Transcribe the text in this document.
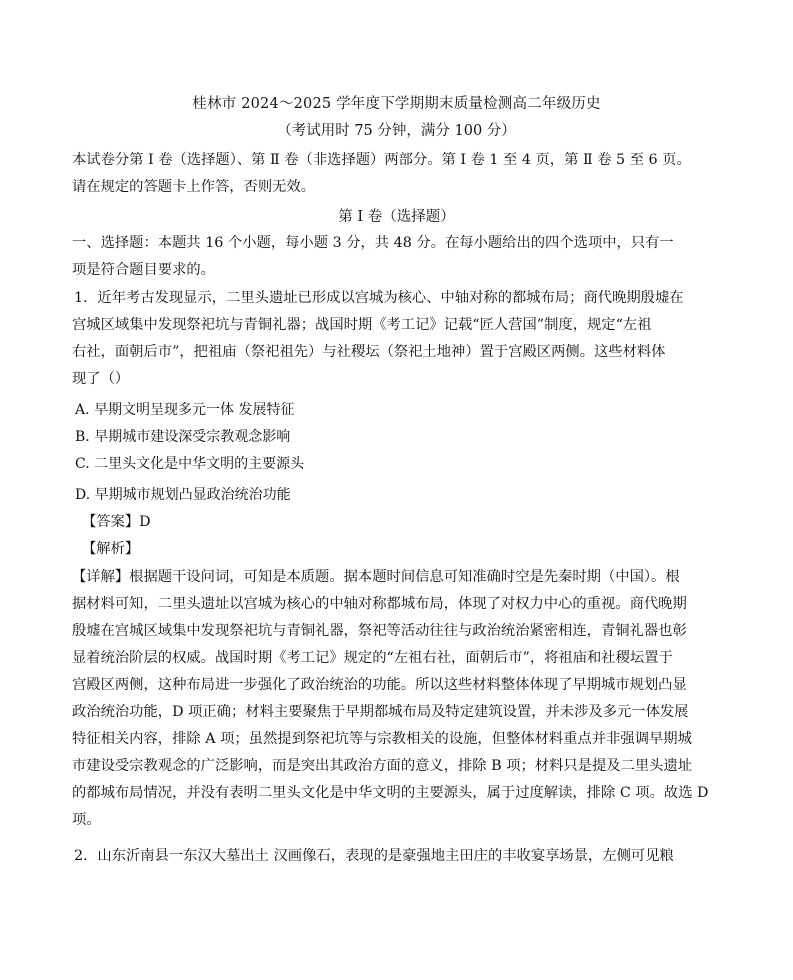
桂林市 2024～2025 学年度下学期期末质量检测高二年级历史
（考试用时 75 分钟，满分 100 分）
本试卷分第 Ⅰ 卷（选择题）、第 Ⅱ 卷（非选择题）两部分。第 Ⅰ 卷 1 至 4 页，第 Ⅱ 卷 5 至 6 页。
请在规定的答题卡上作答，否则无效。
第 Ⅰ 卷（选择题）
一、选择题：本题共 16 个小题，每小题 3 分，共 48 分。在每小题给出的四个选项中，只有一
项是符合题目要求的。
1．近年考古发现显示，二里头遗址已形成以宫城为核心、中轴对称的都城布局；商代晚期殷墟在
宫城区域集中发现祭祀坑与青铜礼器；战国时期《考工记》记载“匠人营国”制度，规定“左祖
右社，面朝后市”，把祖庙（祭祀祖先）与社稷坛（祭祀土地神）置于宫殿区两侧。这些材料体
现了（）
A. 早期文明呈现多元一体 发展特征
B. 早期城市建设深受宗教观念影响
C. 二里头文化是中华文明的主要源头
D. 早期城市规划凸显政治统治功能
【答案】D
【解析】
【详解】根据题干设问词，可知是本质题。据本题时间信息可知准确时空是先秦时期（中国）。根
据材料可知，二里头遗址以宫城为核心的中轴对称都城布局，体现了对权力中心的重视。商代晚期
殷墟在宫城区域集中发现祭祀坑与青铜礼器，祭祀等活动往往与政治统治紧密相连，青铜礼器也彰
显着统治阶层的权威。战国时期《考工记》规定的“左祖右社，面朝后市”，将祖庙和社稷坛置于
宫殿区两侧，这种布局进一步强化了政治统治的功能。所以这些材料整体体现了早期城市规划凸显
政治统治功能，D 项正确；材料主要聚焦于早期都城布局及特定建筑设置，并未涉及多元一体发展
特征相关内容，排除 A 项；虽然提到祭祀坑等与宗教相关的设施，但整体材料重点并非强调早期城
市建设受宗教观念的广泛影响，而是突出其政治方面的意义，排除 B 项；材料只是提及二里头遗址
的都城布局情况，并没有表明二里头文化是中华文明的主要源头，属于过度解读，排除 C 项。故选 D
项。
2．山东沂南县一东汉大墓出土 汉画像石，表现的是豪强地主田庄的丰收宴享场景，左侧可见粮
